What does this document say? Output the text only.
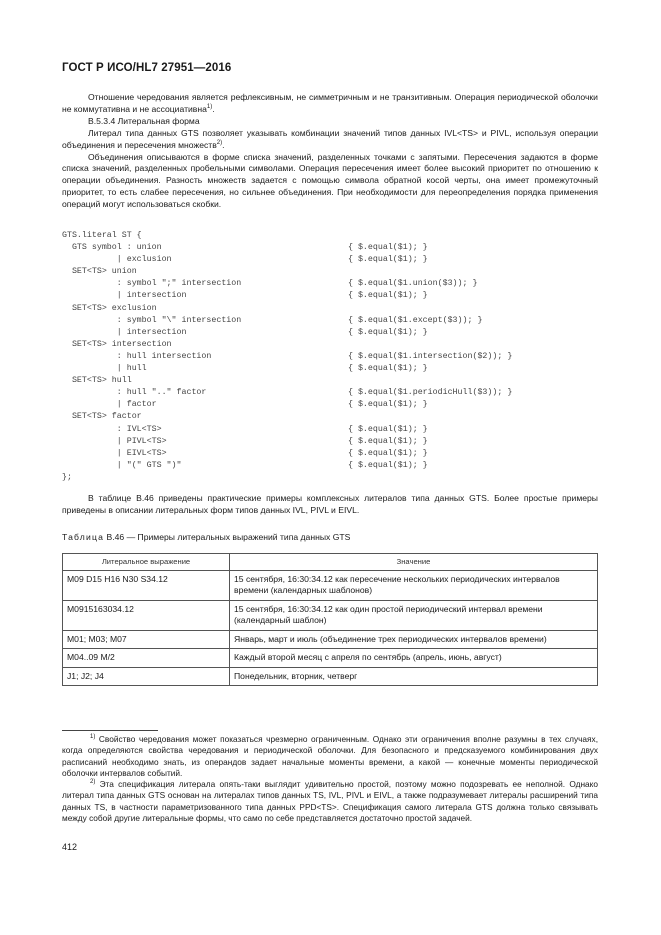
ГОСТ Р ИСО/HL7 27951—2016

Отношение чередования является рефлексивным, не симметричным и не транзитивным. Операция периодической оболочки не коммутативна и не ассоциативна$^{1)}$.

В.5.3.4 Литеральная форма

Литерал типа данных GTS позволяет указывать комбинации значений типов данных IVL<TS> и PIVL, используя операции объединения и пересечения множеств$^{2)}$.

Объединения описываются в форме списка значений, разделенных точками с запятыми. Пересечения задаются в форме списка значений, разделенных пробельными символами. Операция пересечения имеет более высокий приоритет по отношению к операции объединения. Разность множеств задается с помощью символа обратной косой черты, она имеет промежуточный приоритет, то есть слабее пересечения, но сильнее объединения. При необходимости для переопределения порядка применения операций могут использоваться скобки.

GTS.literal ST {
GTS symbol : union	{ $.equal($1); }
| exclusion	{ $.equal($1); }
SET<TS> union
: symbol ";" intersection	{ $.equal($1.union($3)); }
| intersection	{ $.equal($1); }
SET<TS> exclusion
: symbol "\" intersection	{ $.equal($1.except($3)); }
| intersection	{ $.equal($1); }
SET<TS> intersection
: hull intersection	{ $.equal($1.intersection($2)); }
| hull	{ $.equal($1); }
SET<TS> hull
: hull ".." factor	{ $.equal($1.periodicHull($3)); }
| factor	{ $.equal($1); }
SET<TS> factor
: IVL<TS>	{ $.equal($1); }
| PIVL<TS>	{ $.equal($1); }
| EIVL<TS>	{ $.equal($1); }
| "(" GTS ")"	{ $.equal($1); }
};

В таблице В.46 приведены практические примеры комплексных литералов типа данных GTS. Более простые примеры приведены в описании литеральных форм типов данных IVL, PIVL и EIVL.

Таблица В.46 — Примеры литеральных выражений типа данных GTS
Литеральное выражение	Значение
M09 D15 H16 N30 S34.12	15 сентября, 16:30:34.12 как пересечение нескольких периодических интервалов времени (календарных шаблонов)
M0915163034.12	15 сентября, 16:30:34.12 как один простой периодический интервал времени (календарный шаблон)
M01; M03; M07	Январь, март и июль (объединение трех периодических интервалов времени)
M04..09 M/2	Каждый второй месяц с апреля по сентябрь (апрель, июнь, август)
J1; J2; J4	Понедельник, вторник, четверг

$^{1)}$ Свойство чередования может показаться чрезмерно ограниченным. Однако эти ограничения вполне разумны в тех случаях, когда определяются свойства чередования и периодической оболочки. Для безопасного и предсказуемого комбинирования двух расписаний необходимо знать, из операндов задает начальные моменты времени, а какой — конечные моменты периодической оболочки интервалов событий.

$^{2)}$ Эта спецификация литерала опять-таки выглядит удивительно простой, поэтому можно подозревать ее неполной. Однако литерал типа данных GTS основан на литералах типов данных TS, IVL, PIVL и EIVL, а также подразумевает литералы расширений типа данных TS, в частности параметризованного типа данных PPD<TS>. Спецификация самого литерала GTS должна только связывать между собой другие литеральные формы, что само по себе представляется достаточно простой задачей.

412
